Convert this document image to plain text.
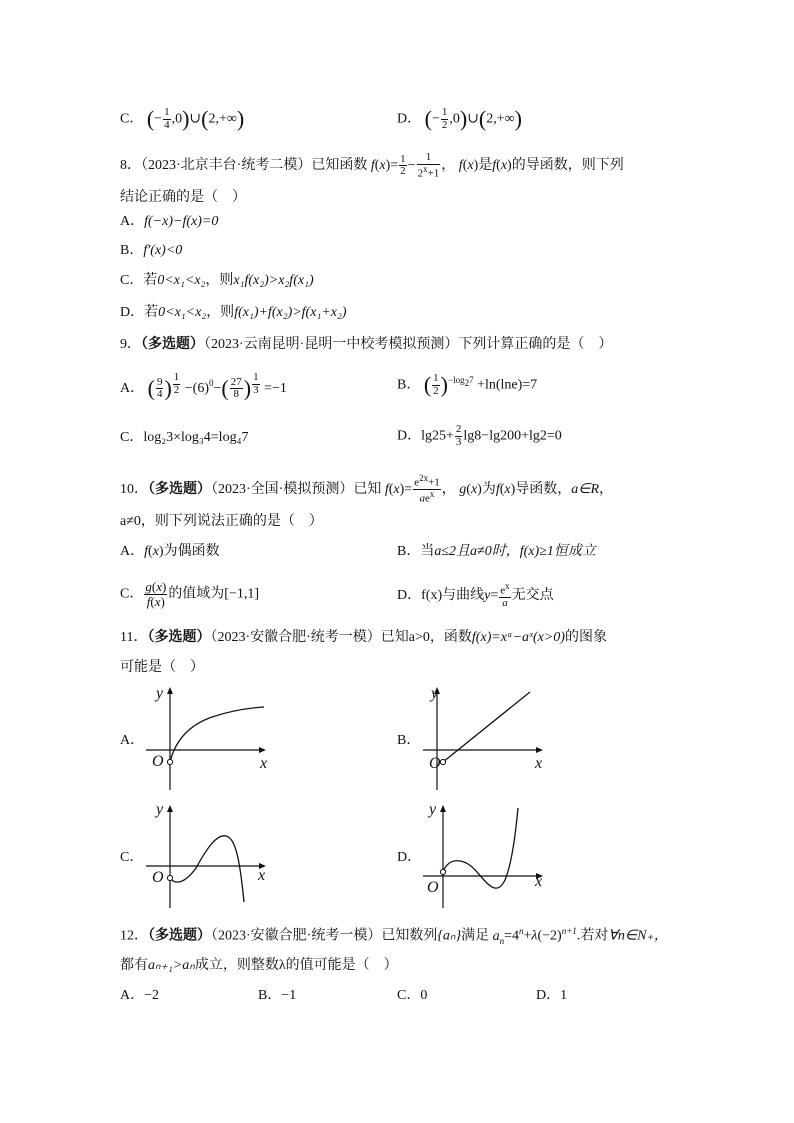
C． (− $\frac{1}{4}$ ,0)∪(2,+∞)	D． (− $\frac{1}{2}$ ,0)∪(2,+∞)
8．（2023·北京丰台·统考二模）已知函数 $f(x)= \frac{1}{2} - \frac{1}{2^x+1}$ ， f(x)是f(x)的导函数，则下列
结论正确的是（　）
A．f(−x)−f(x)=0
B．f′(x)<0
C．若0<x₁<x₂，则x₁f(x₂)>x₂f(x₁)
D．若0<x₁<x₂，则f(x₁)+f(x₂)>f(x₁+x₂)
9．（多选题）（2023·云南昆明·昆明一中校考模拟预测）下列计算正确的是（　）
A． ( $\frac{9}{4}$ ) $^{\frac{1}{2}} -(6)^0-( \frac{27}{8}$ ) $^{\frac{1}{3}}$ =−1	B． ( $\frac{1}{2} )^{-log_27} +\ln(\ln e)=7$
C．log₂3×log₃4=log₄7	D．$\lg 25+ \frac{2}{3} \lg 8-\lg 200+\lg 2=0$
10．（多选题）（2023·全国·模拟预测）已知 $f(x)= \frac{e^{2x}+1}{ae^x}$ ， g(x)为f(x)导函数，a∈R，
a≠0，则下列说法正确的是（　）
A．f(x)为偶函数	B．当a≤2且a≠0时，f(x)≥1恒成立
C． $\frac{g(x)}{f(x)}$ 的值域为[−1,1]	D．f(x)与曲线$y= \frac{e^x}{a}$ 无交点
11．（多选题）（2023·安徽合肥·统考一模）已知a>0，函数f(x)=xᵃ−aˣ(x>0)的图象
可能是（　）
A．	B．
C．	D．
y
x
O
y
x
O
y
x
O
y
x
O
12．（多选题）（2023·安徽合肥·统考一模）已知数列{aₙ}满足 $a_n=4^n+\lambda(-2)^{n+1}$.若对∀n∈N₊，
都有aₙ₊₁>aₙ成立，则整数λ的值可能是（　）
A．−2	B．−1	C．0	D．1
